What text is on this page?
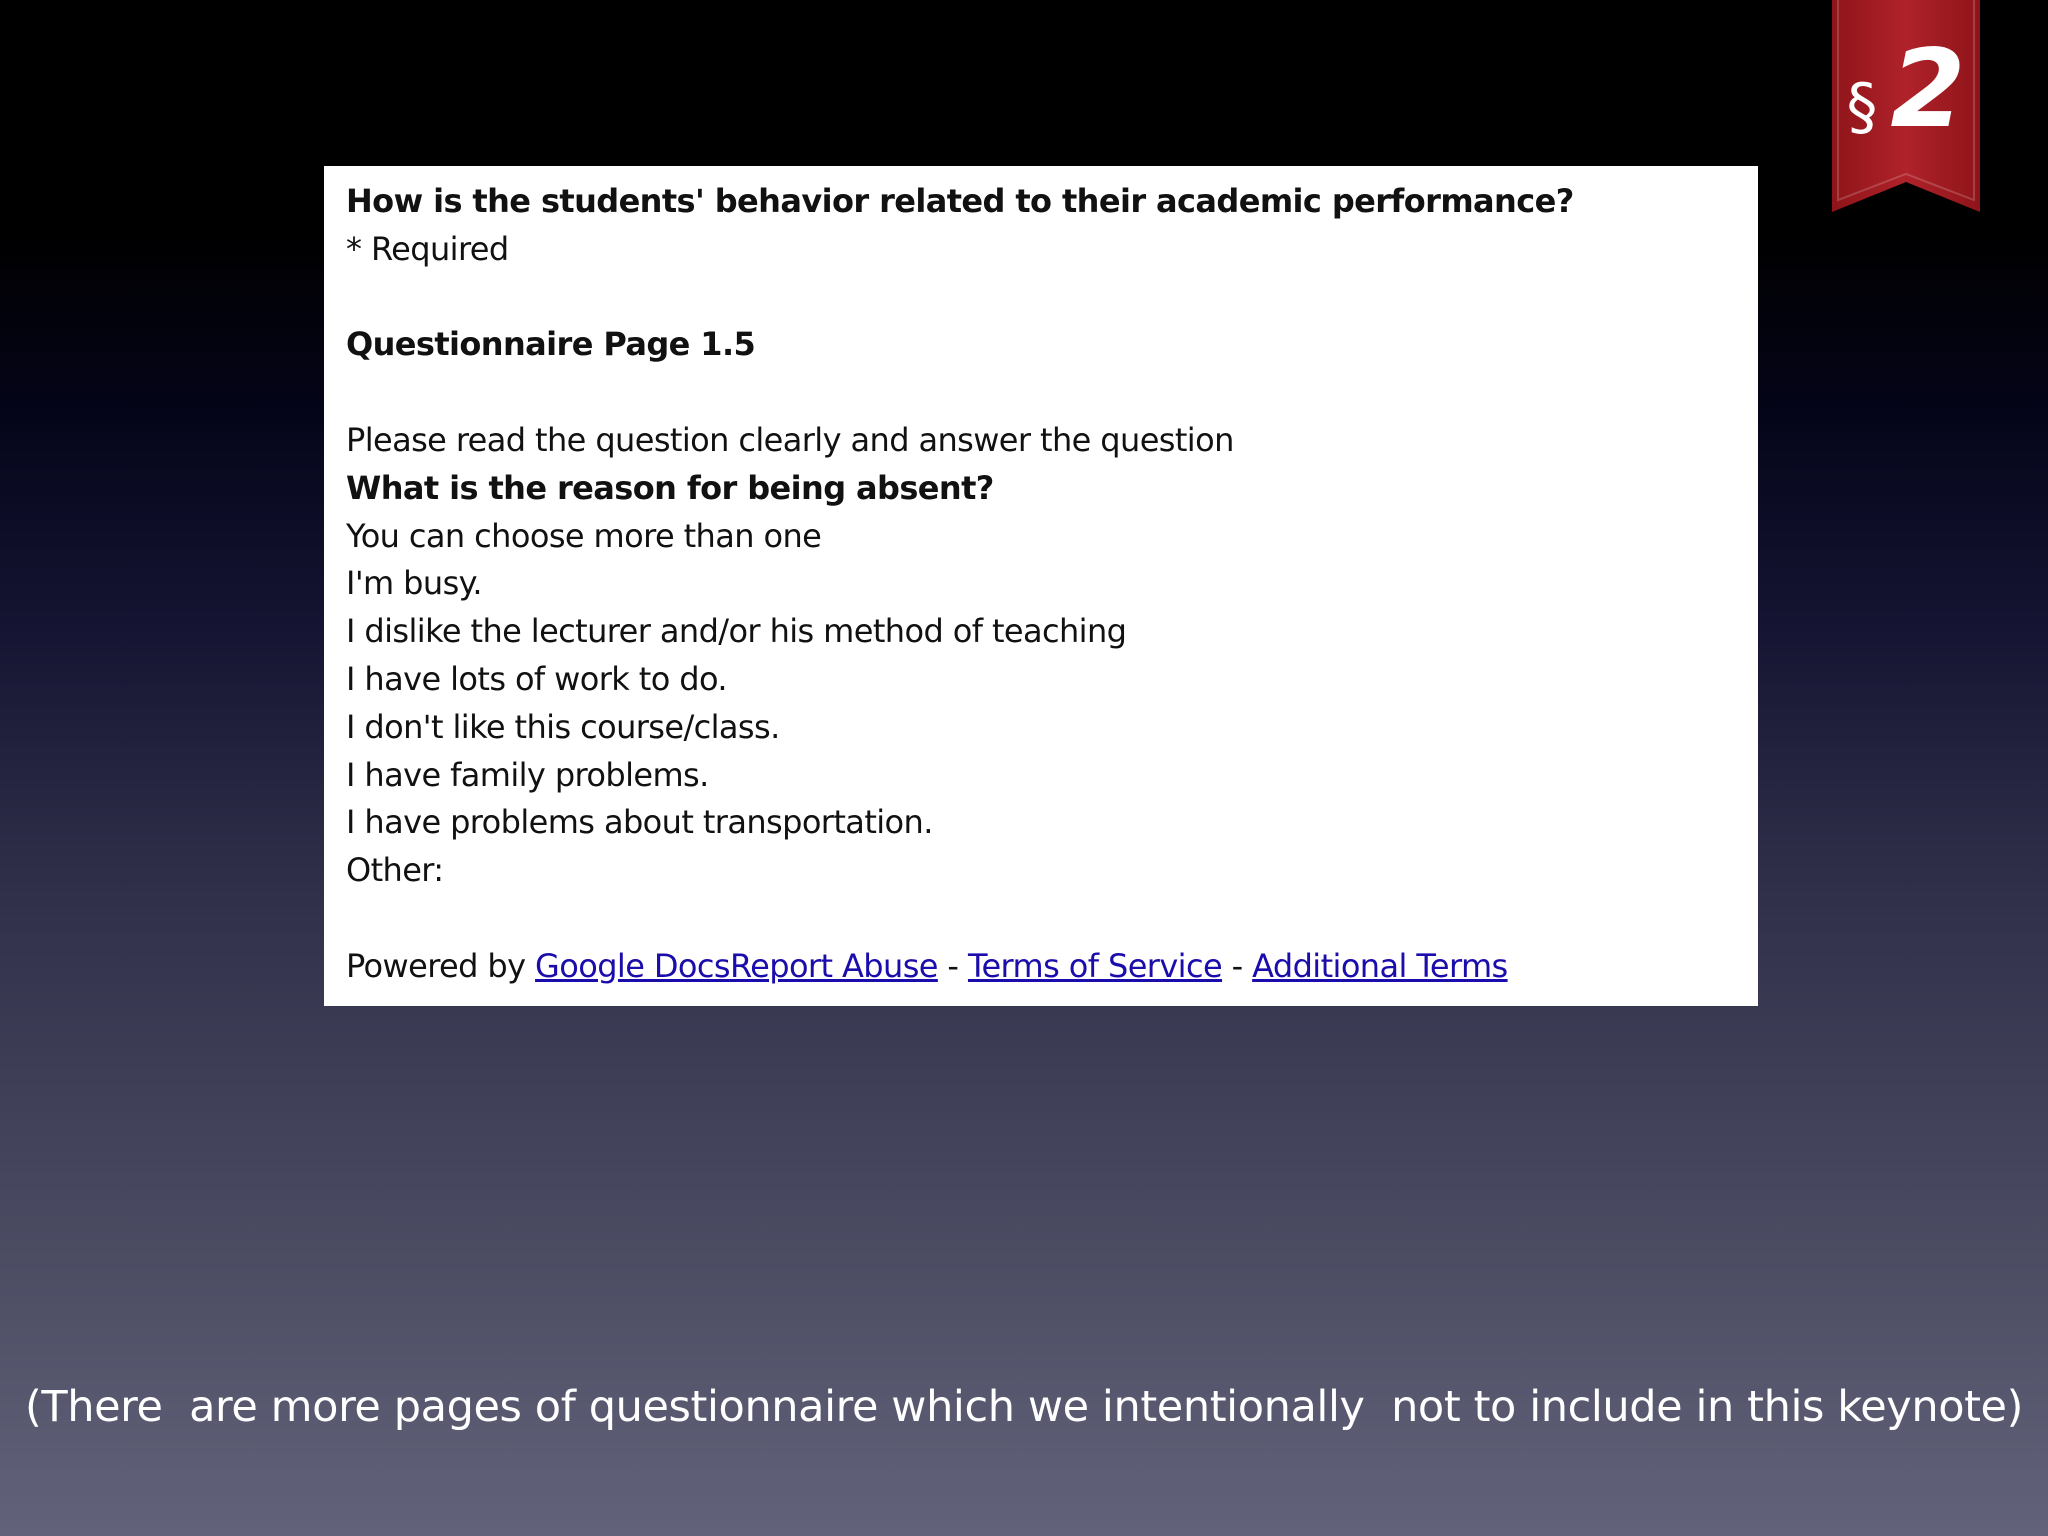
§ 2
How is the students' behavior related to their academic performance?
* Required
Questionnaire Page 1.5
Please read the question clearly and answer the question
What is the reason for being absent?
You can choose more than one
I'm busy.
I dislike the lecturer and/or his method of teaching
I have lots of work to do.
I don't like this course/class.
I have family problems.
I have problems about transportation.
Other:
Powered by Google DocsReport Abuse - Terms of Service - Additional Terms
(There  are more pages of questionnaire which we intentionally  not to include in this keynote)
